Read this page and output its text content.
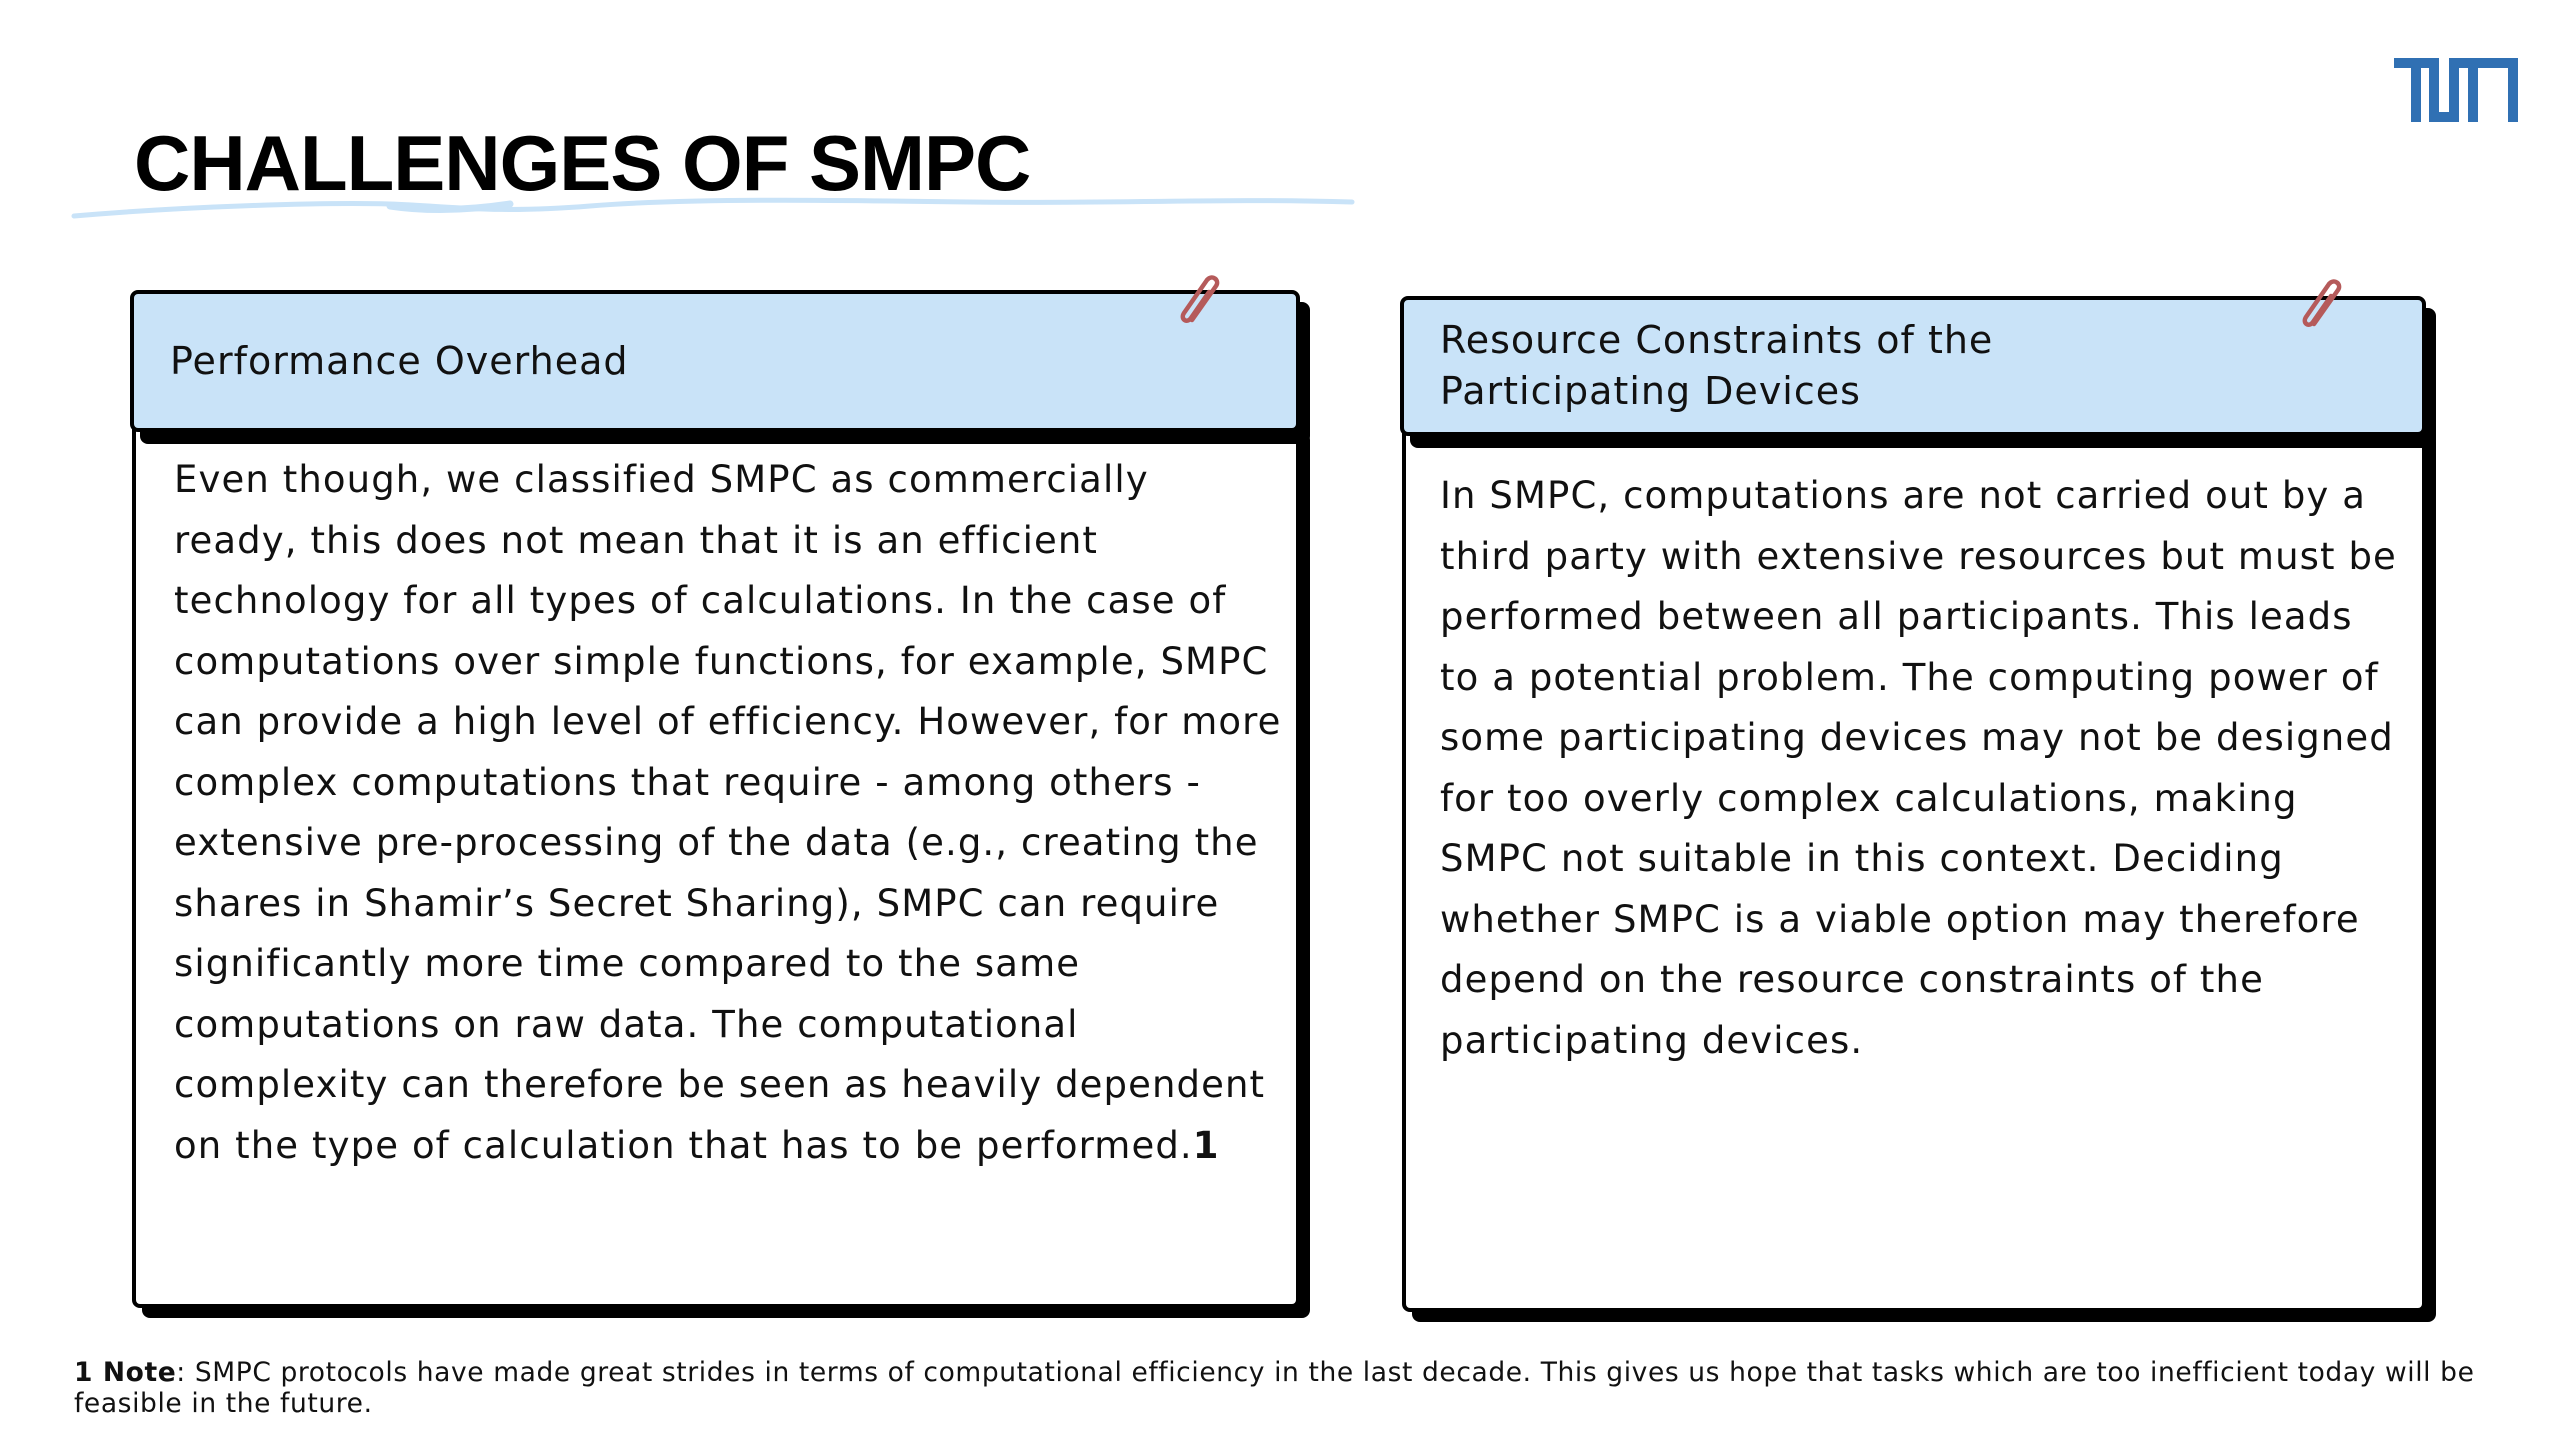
CHALLENGES OF SMPC
Performance Overhead

Even though, we classified SMPC as commercially ready, this does not mean that it is an efficient technology for all types of calculations. In the case of computations over simple functions, for example, SMPC can provide a high level of efficiency. However, for more complex computations that require - among others - extensive pre-processing of the data (e.g., creating the shares in Shamir’s Secret Sharing), SMPC can require significantly more time compared to the same computations on raw data. The computational complexity can therefore be seen as heavily dependent on the type of calculation that has to be performed.1

Resource Constraints of the
Participating Devices

In SMPC, computations are not carried out by a third party with extensive resources but must be performed between all participants. This leads to a potential problem. The computing power of some participating devices may not be designed for too overly complex calculations, making SMPC not suitable in this context. Deciding whether SMPC is a viable option may therefore depend on the resource constraints of the participating devices.

1 Note: SMPC protocols have made great strides in terms of computational efficiency in the last decade. This gives us hope that tasks which are too inefficient today will be feasible in the future.
